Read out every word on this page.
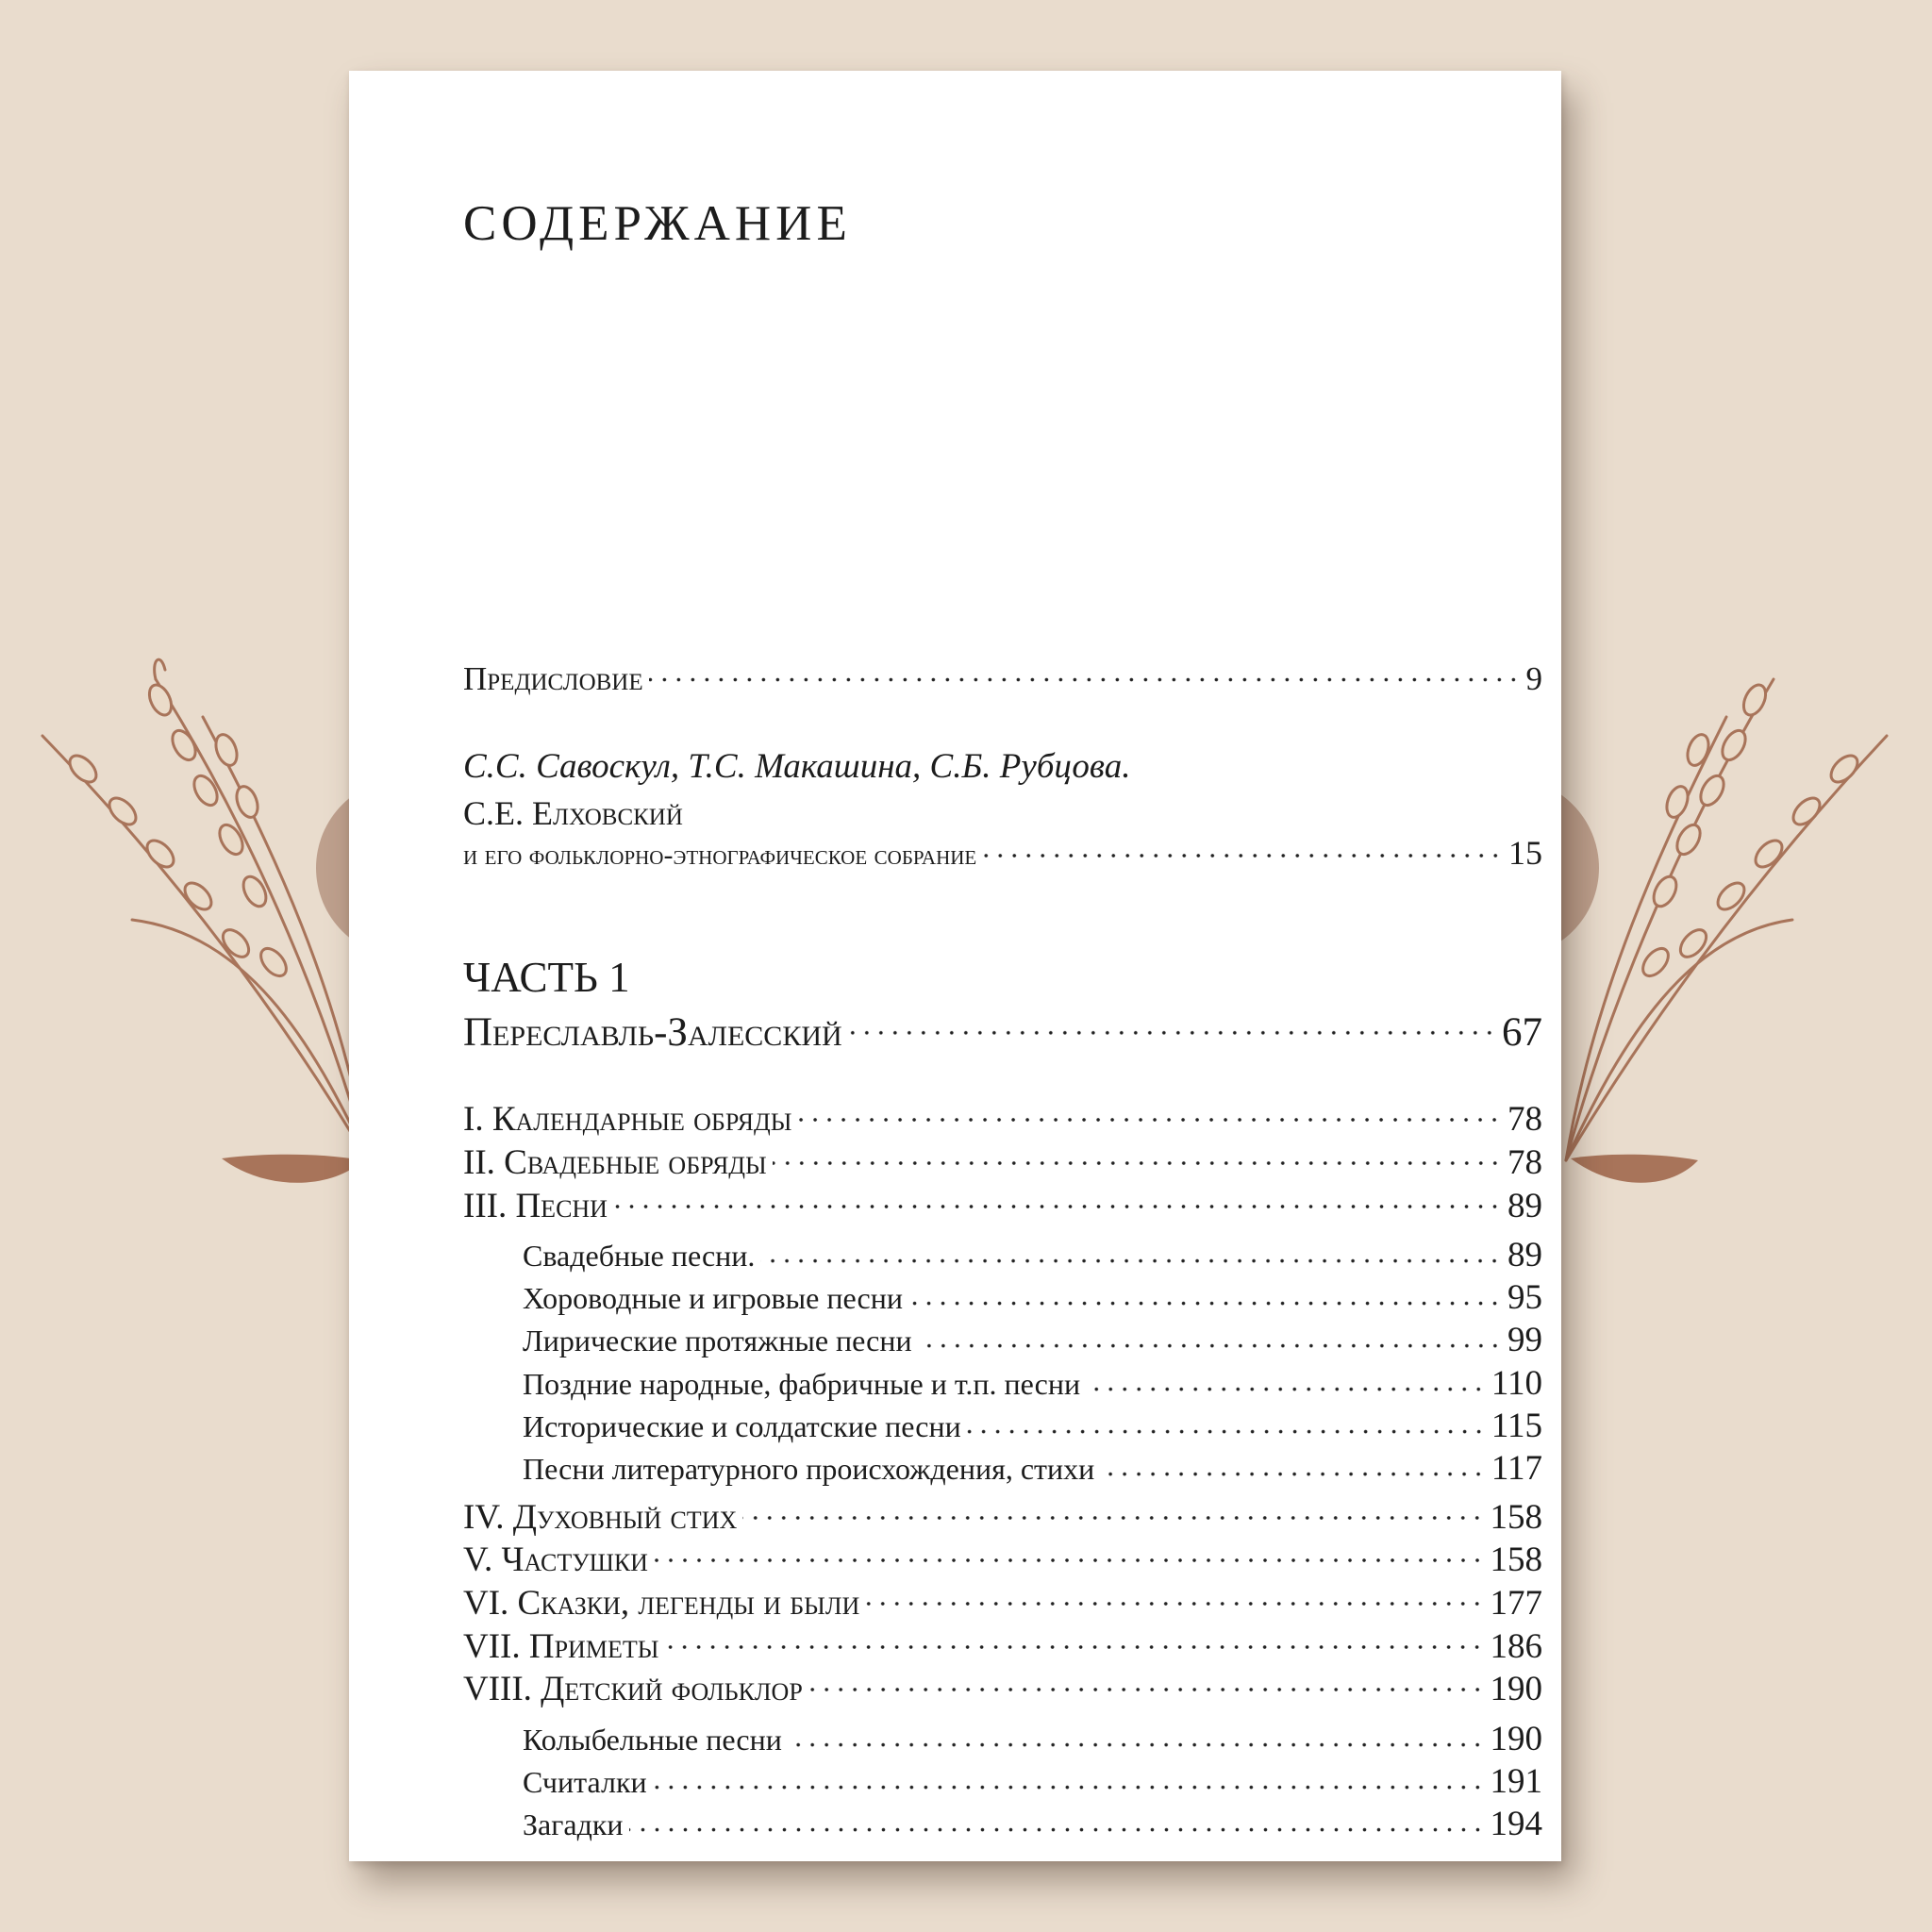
СОДЕРЖАНИЕ
Предисловие	9
С.С. Савоскул, Т.С. Макашина, С.Б. Рубцова.
С.Е. Елховский
и его фольклорно-этнографическое собрание	15
ЧАСТЬ 1
Переславль-Залесский	67
I. Календарные обряды	78
II. Свадебные обряды	78
III. Песни	89
Свадебные песни.	89
Хороводные и игровые песни	95
Лирические протяжные песни	99
Поздние народные, фабричные и т.п. песни	110
Исторические и солдатские песни	115
Песни литературного происхождения, стихи	117
IV. Духовный стих	158
V. Частушки	158
VI. Сказки, легенды и были	177
VII. Приметы	186
VIII. Детский фольклор	190
Колыбельные песни	190
Считалки	191
Загадки	194
